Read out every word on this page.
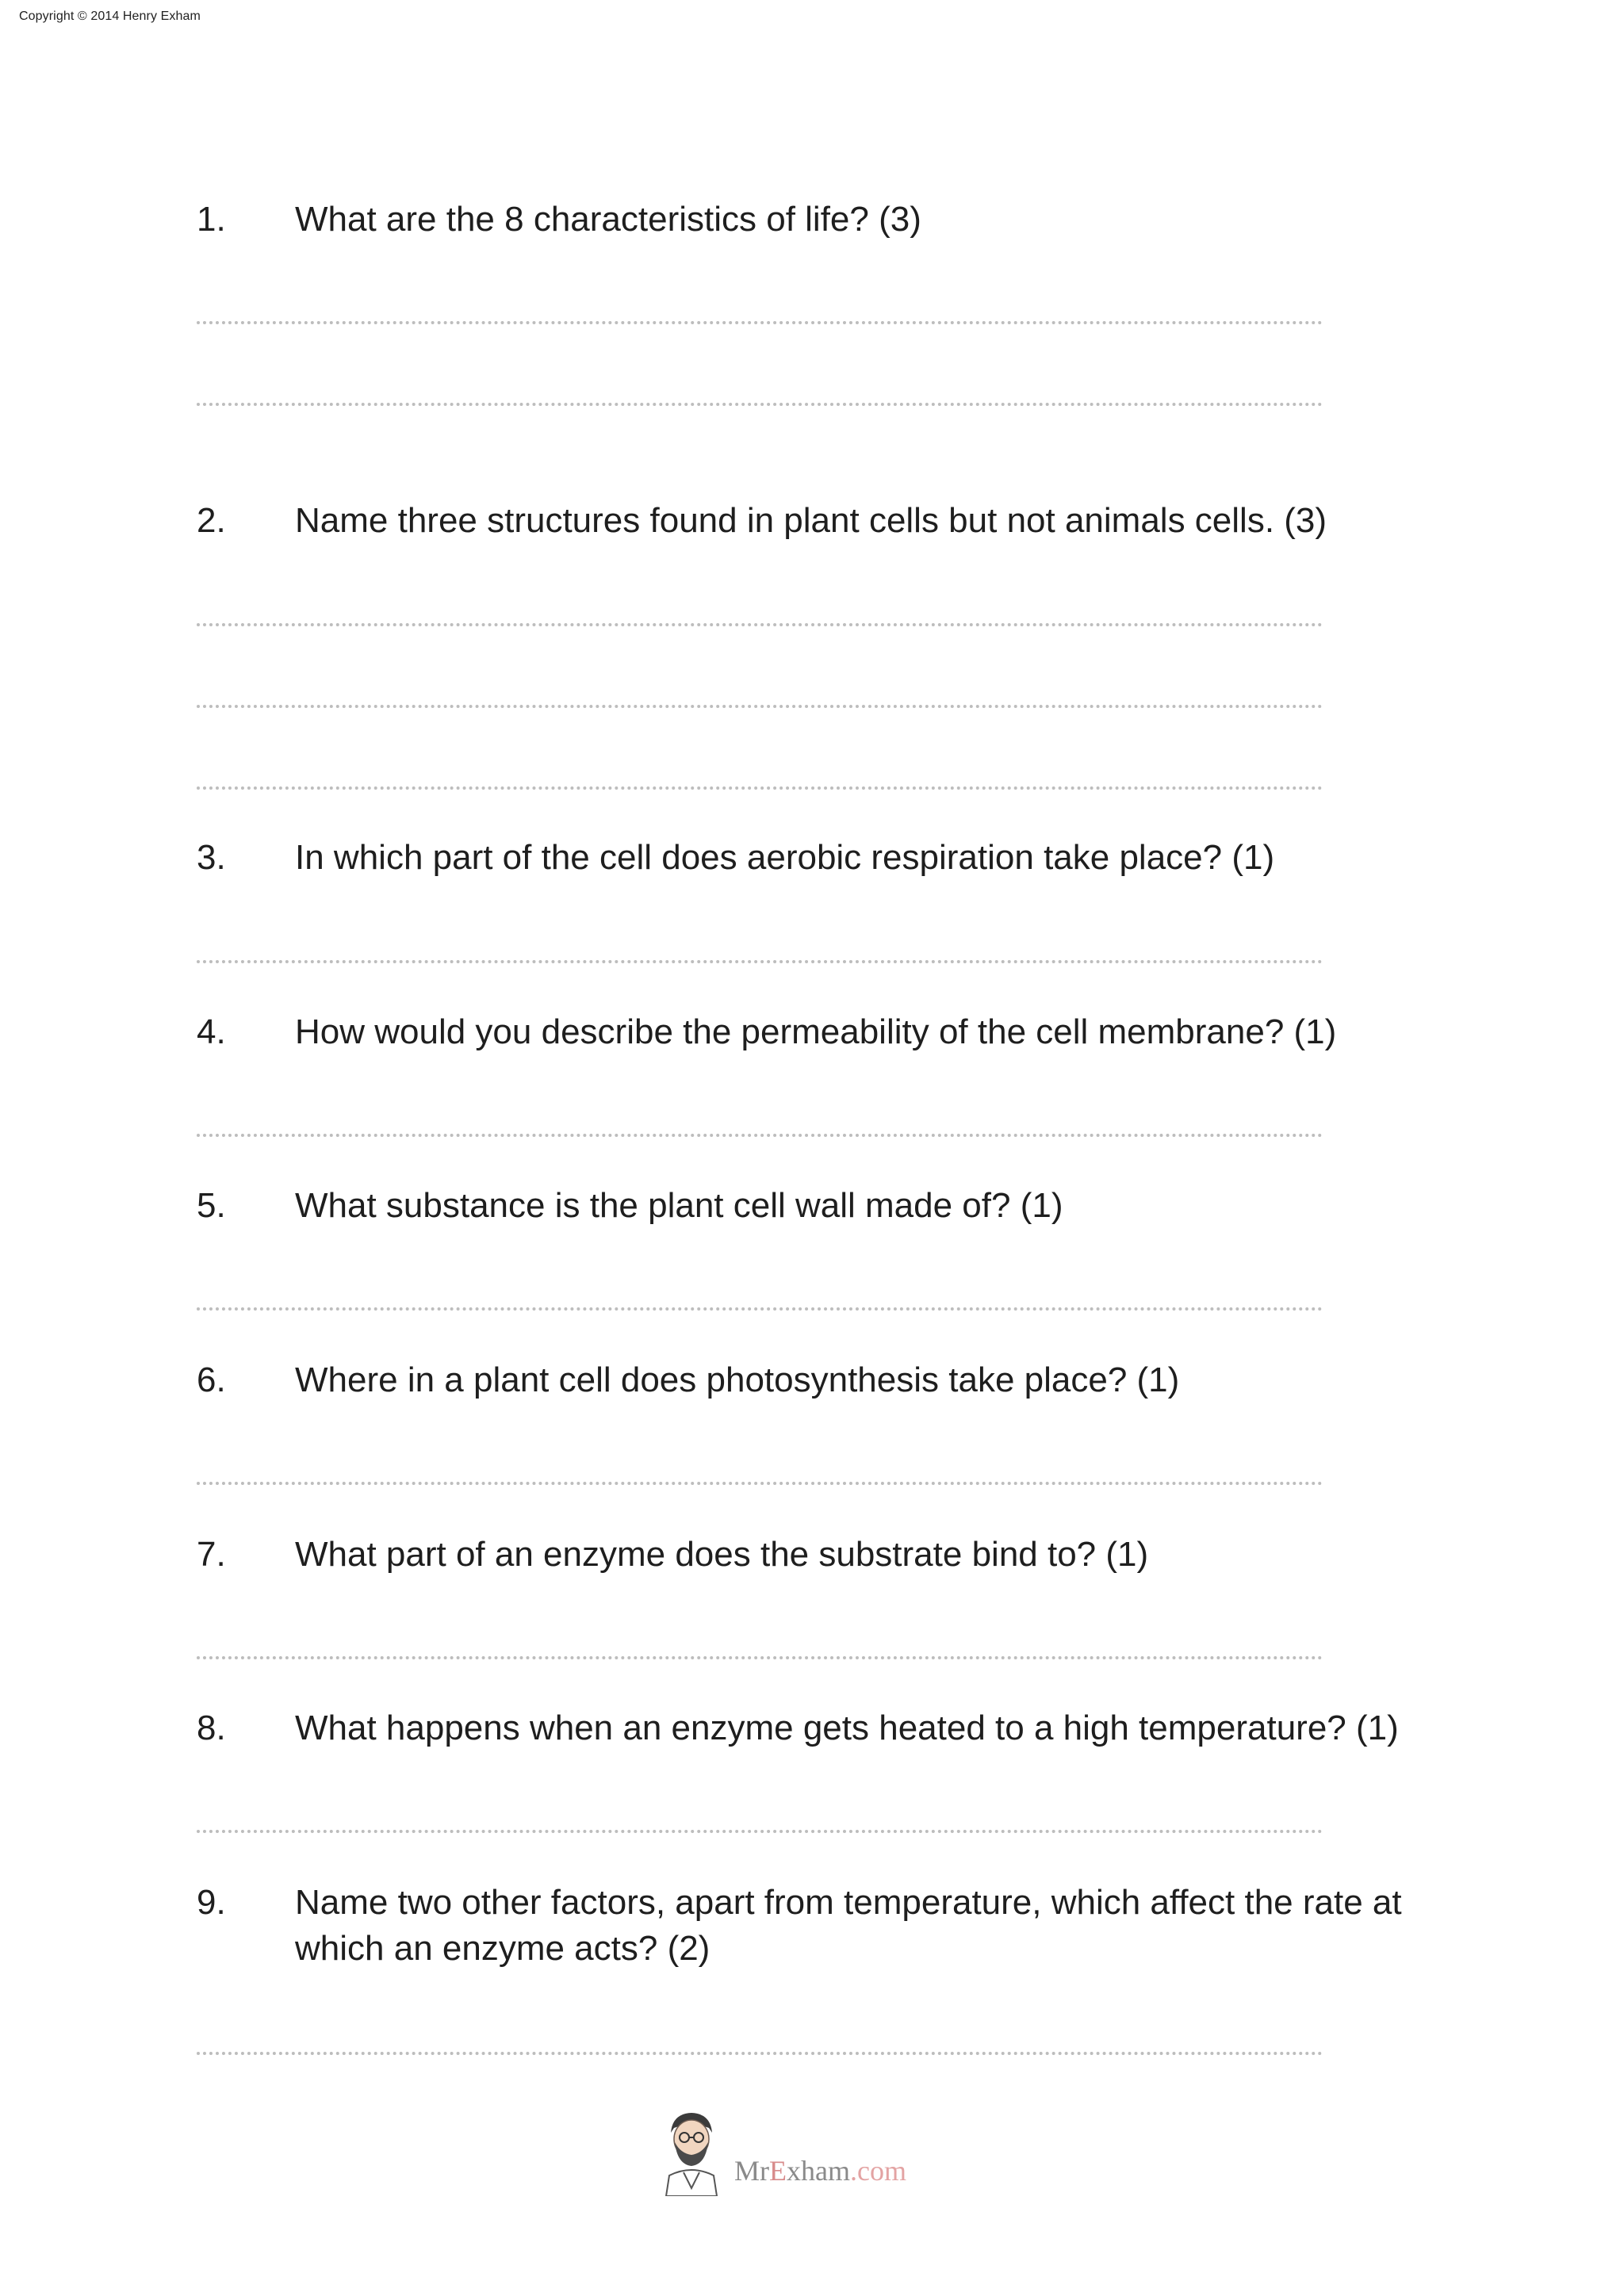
Copyright © 2014 Henry Exham
1.	What are the 8 characteristics of life? (3)
2.	Name three structures found in plant cells but not animals cells. (3)
3.	In which part of the cell does aerobic respiration take place? (1)
4.	How would you describe the permeability of the cell membrane? (1)
5.	What substance is the plant cell wall made of? (1)
6.	Where in a plant cell does photosynthesis take place? (1)
7.	What part of an enzyme does the substrate bind to? (1)
8.	What happens when an enzyme gets heated to a high temperature? (1)
9.	Name two other factors, apart from temperature, which affect the rate at which an enzyme acts? (2)
MrExham.com
